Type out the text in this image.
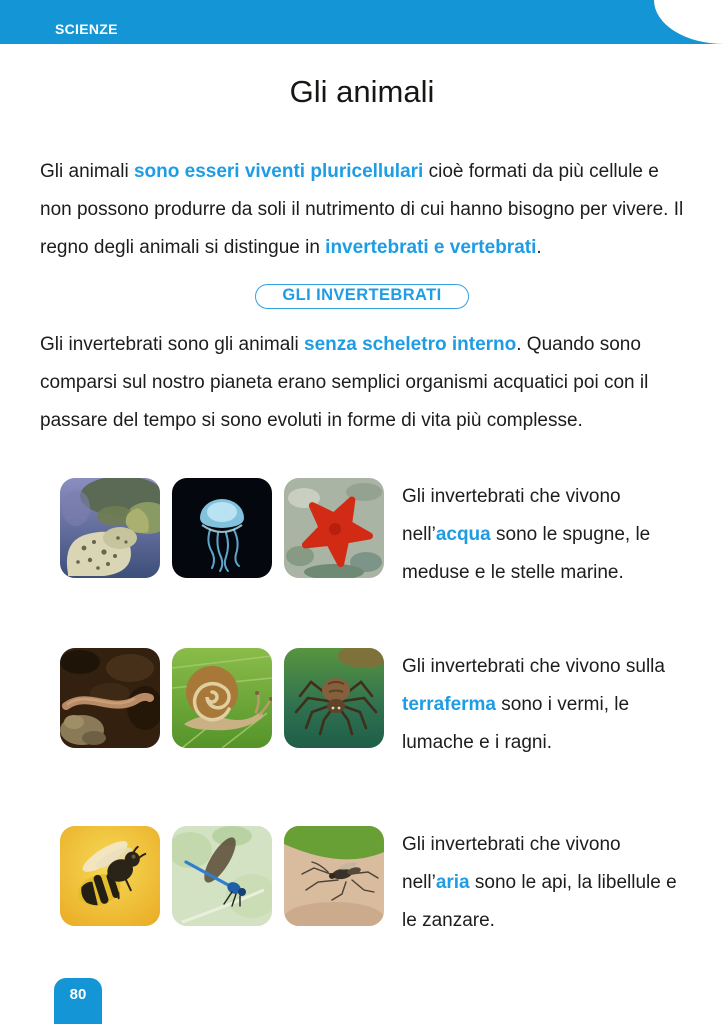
SCIENZE
Gli animali

Gli animali sono esseri viventi pluricellulari cioè formati da più cellule e non possono produrre da soli il nutrimento di cui hanno bisogno per vivere. Il regno degli animali si distingue in invertebrati e vertebrati.

GLI INVERTEBRATI

Gli invertebrati sono gli animali senza scheletro interno. Quando sono comparsi sul nostro pianeta erano semplici organismi acquatici poi con il passare del tempo si sono evoluti in forme di vita più complesse.

Gli invertebrati che vivono
nell’acqua sono le spugne, le
meduse e le stelle marine.
Gli invertebrati che vivono sulla
terraferma sono i vermi, le
lumache e i ragni.
Gli invertebrati che vivono
nell’aria sono le api, la libellule e
le zanzare.
80
